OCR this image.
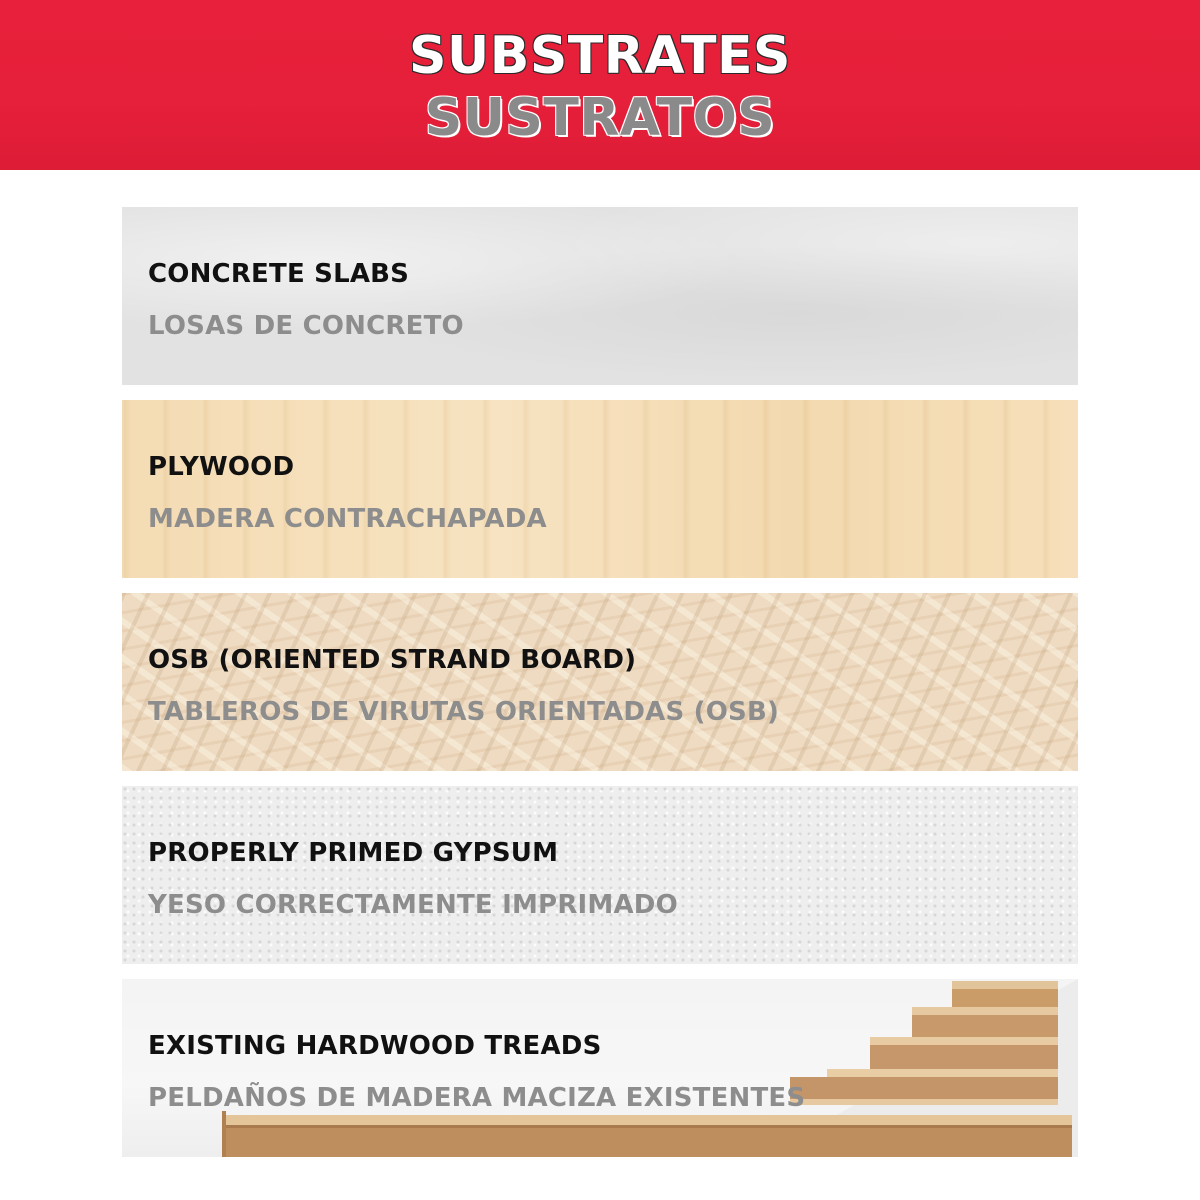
SUBSTRATES
SUSTRATOS
CONCRETE SLABS
LOSAS DE CONCRETO
PLYWOOD
MADERA CONTRACHAPADA
OSB (ORIENTED STRAND BOARD)
TABLEROS DE VIRUTAS ORIENTADAS (OSB)
PROPERLY PRIMED GYPSUM
YESO CORRECTAMENTE IMPRIMADO
EXISTING HARDWOOD TREADS
PELDAÑOS DE MADERA MACIZA EXISTENTES
